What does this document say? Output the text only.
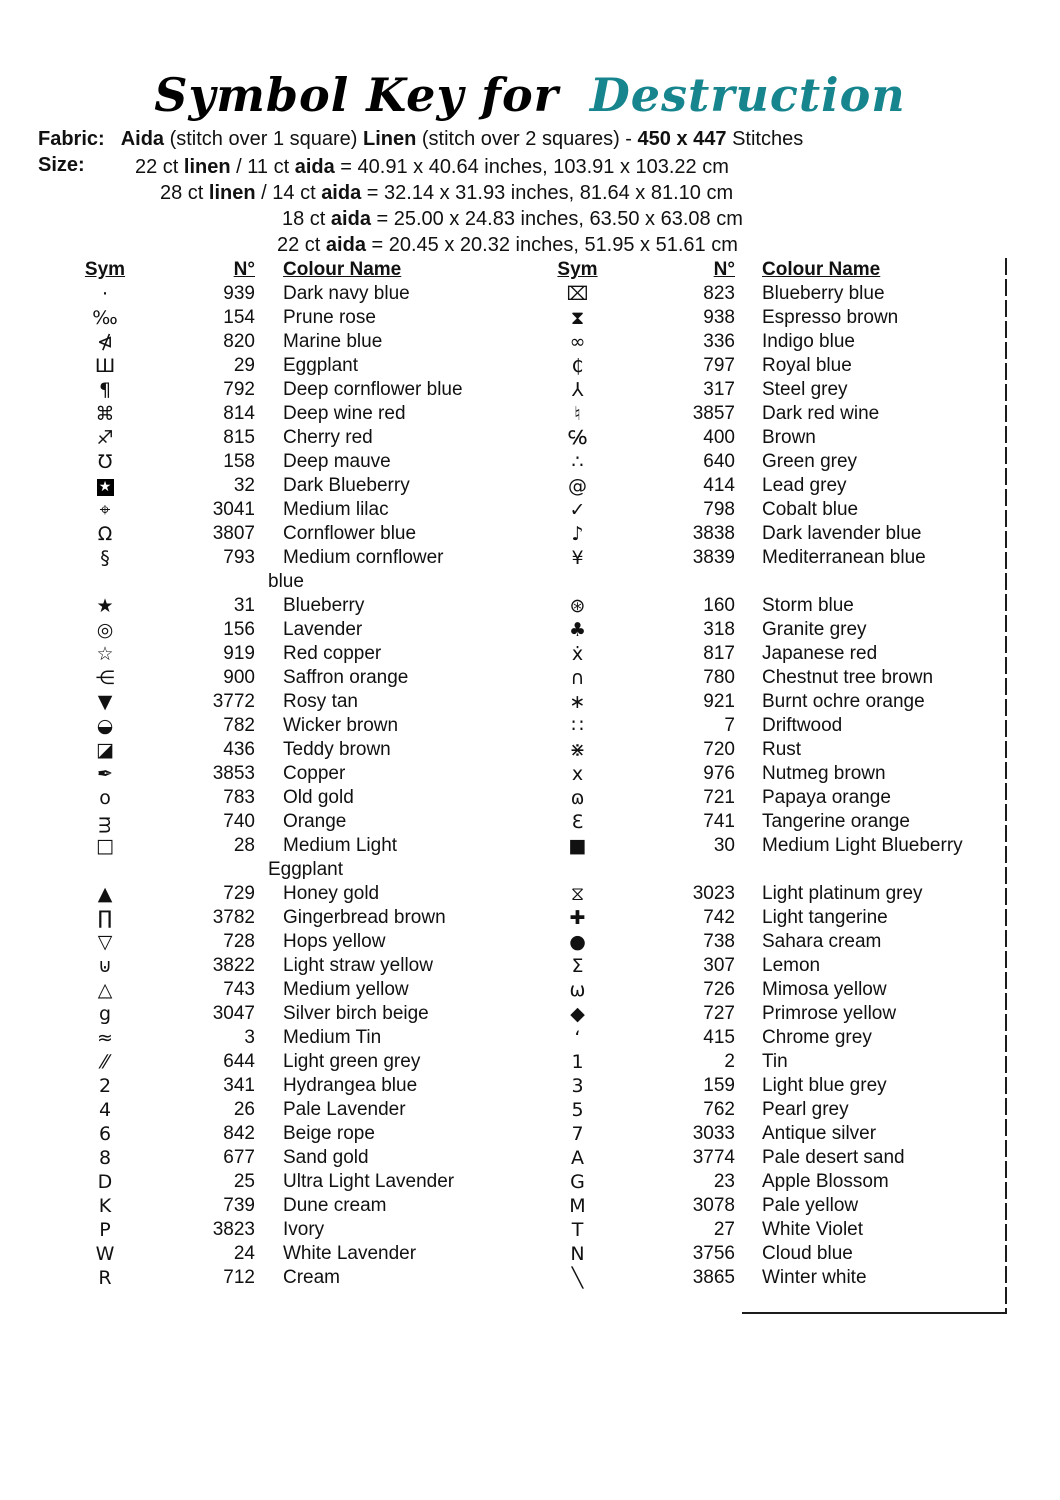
Symbol Key for Destruction
Fabric: Aida (stitch over 1 square) Linen (stitch over 2 squares) - 450 x 447 Stitches
Size:	22 ct linen / 11 ct aida = 40.91 x 40.64 inches, 103.91 x 103.22 cm
28 ct linen / 14 ct aida = 32.14 x 31.93 inches, 81.64 x 81.10 cm
18 ct aida = 25.00 x 24.83 inches, 63.50 x 63.08 cm
22 ct aida = 20.45 x 20.32 inches, 51.95 x 51.61 cm
Sym	N°	Colour Name	Sym	N°	Colour Name
·	939	Dark navy blue	⌧	823	Blueberry blue
‰	154	Prune rose	⧗	938	Espresso brown
⋪	820	Marine blue	∞	336	Indigo blue
Ш	29	Eggplant	₵	797	Royal blue
¶	792	Deep cornflower blue	⅄	317	Steel grey
⌘	814	Deep wine red	♮	3857	Dark red wine
♐	815	Cherry red	℅	400	Brown
℧	158	Deep mauve	∴	640	Green grey
★	32	Dark Blueberry	@	414	Lead grey
⌖	3041	Medium lilac	✓	798	Cobalt blue
Ω	3807	Cornflower blue	♪	3838	Dark lavender blue
§	793	Medium cornflower	¥	3839	Mediterranean blue
blue
★	31	Blueberry	⊛	160	Storm blue
◎	156	Lavender	♣	318	Granite grey
☆	919	Red copper	ẋ	817	Japanese red
⋲	900	Saffron orange	∩	780	Chestnut tree brown
▼	3772	Rosy tan	∗	921	Burnt ochre orange
◒	782	Wicker brown	∷	7	Driftwood
◪	436	Teddy brown	⋇	720	Rust
✒	3853	Copper	x	976	Nutmeg brown
o	783	Old gold	ɷ	721	Papaya orange
ᴟ	740	Orange	Ɛ	741	Tangerine orange
□	28	Medium Light	■	30	Medium Light Blueberry
Eggplant
▲	729	Honey gold	⧖	3023	Light platinum grey
∏	3782	Gingerbread brown	✚	742	Light tangerine
▽	728	Hops yellow	●	738	Sahara cream
⊍	3822	Light straw yellow	Σ	307	Lemon
△	743	Medium yellow	ω	726	Mimosa yellow
g	3047	Silver birch beige	◆	727	Primrose yellow
≈	3	Medium Tin	ʻ	415	Chrome grey
⁄⁄	644	Light green grey	1	2	Tin
2	341	Hydrangea blue	3	159	Light blue grey
4	26	Pale Lavender	5	762	Pearl grey
6	842	Beige rope	7	3033	Antique silver
8	677	Sand gold	A	3774	Pale desert sand
D	25	Ultra Light Lavender	G	23	Apple Blossom
K	739	Dune cream	M	3078	Pale yellow
P	3823	Ivory	T	27	White Violet
W	24	White Lavender	N	3756	Cloud blue
R	712	Cream	╲	3865	Winter white
